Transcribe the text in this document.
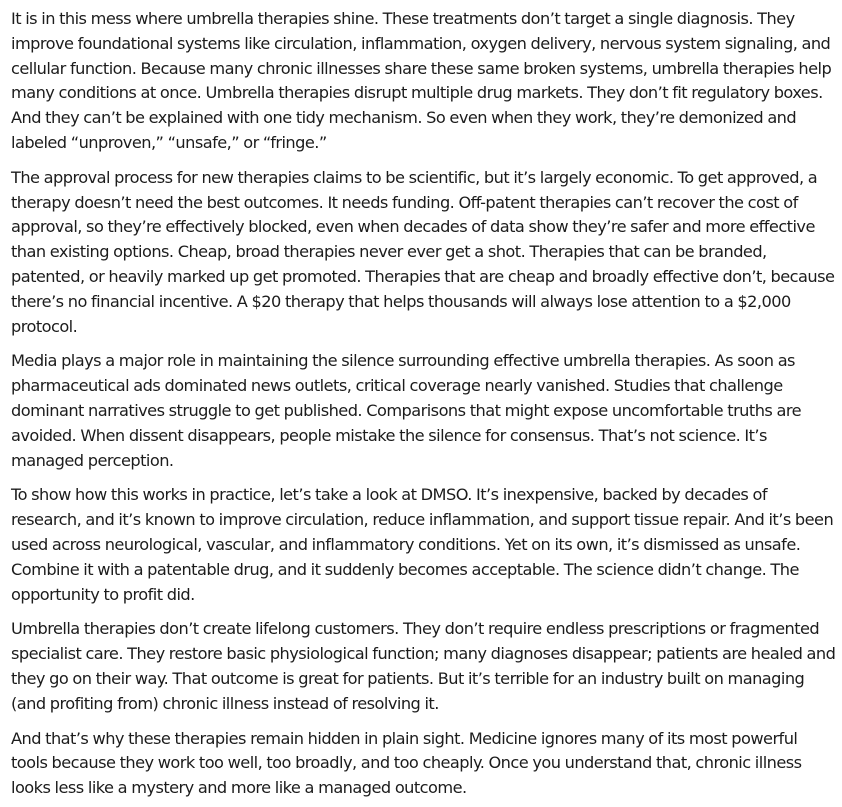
It is in this mess where umbrella therapies shine. These treatments don’t target a single diagnosis. They improve foundational systems like circulation, inflammation, oxygen delivery, nervous system signaling, and cellular function. Because many chronic illnesses share these same broken systems, umbrella therapies help many conditions at once. Umbrella therapies disrupt multiple drug markets. They don’t fit regulatory boxes. And they can’t be explained with one tidy mechanism. So even when they work, they’re demonized and labeled “unproven,” “unsafe,” or “fringe.”

The approval process for new therapies claims to be scientific, but it’s largely economic. To get approved, a therapy doesn’t need the best outcomes. It needs funding. Off-patent therapies can’t recover the cost of approval, so they’re effectively blocked, even when decades of data show they’re safer and more effective than existing options. Cheap, broad therapies never ever get a shot. Therapies that can be branded, patented, or heavily marked up get promoted. Therapies that are cheap and broadly effective don’t, because there’s no financial incentive. A $20 therapy that helps thousands will always lose attention to a $2,000 protocol.

Media plays a major role in maintaining the silence surrounding effective umbrella therapies. As soon as pharmaceutical ads dominated news outlets, critical coverage nearly vanished. Studies that challenge dominant narratives struggle to get published. Comparisons that might expose uncomfortable truths are avoided. When dissent disappears, people mistake the silence for consensus. That’s not science. It’s managed perception.

To show how this works in practice, let’s take a look at DMSO. It’s inexpensive, backed by decades of research, and it’s known to improve circulation, reduce inflammation, and support tissue repair. And it’s been used across neurological, vascular, and inflammatory conditions. Yet on its own, it’s dismissed as unsafe. Combine it with a patentable drug, and it suddenly becomes acceptable. The science didn’t change. The opportunity to profit did.

Umbrella therapies don’t create lifelong customers. They don’t require endless prescriptions or fragmented specialist care. They restore basic physiological function; many diagnoses disappear; patients are healed and they go on their way. That outcome is great for patients. But it’s terrible for an industry built on managing (and profiting from) chronic illness instead of resolving it.

And that’s why these therapies remain hidden in plain sight. Medicine ignores many of its most powerful tools because they work too well, too broadly, and too cheaply. Once you understand that, chronic illness looks less like a mystery and more like a managed outcome.
